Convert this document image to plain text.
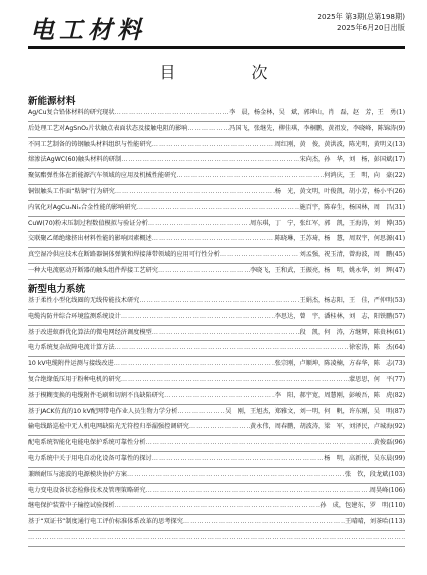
电工材料	2025年 第3期(总第198期)
2025年6月20日出版
目　次
新能源材料
Ag/Cu复合铅体材料的研究现状 ………………………………………………………………………………………………………………………………………………	李　晨，杨金林，吴　斌，郭坤山，肖　磊，赵　芳，王　勇(1)
后处理工艺对AgSnO₂片状触点表面状态及接触电阻的影响 ………………………………………………………………………………………………………………………………………………	冯国飞，张继先，柳佳琪，李桐鹏，黄祖发，李晓峰，陈锦涛(9)
不同工艺制备的铸钢触头材料组织与性能研究 ………………………………………………………………………………………………………………………………………………	周红刚，黄　俊，黄洪波，陈光明，黄明义(13)
熔渗法AgWC(60)触头材料的研制 ………………………………………………………………………………………………………………………………………………	宋向杰，孙　华，刘　杨，彭国斌(17)
聚氨酯弹性体在新能源汽车领域的应用及机械性能研究 ………………………………………………………………………………………………………………………………………………	何鸿庆，王　明，向　豪(22)
铜银触头工作面“粘铜”行为研究 ………………………………………………………………………………………………………………………………………………	杨　光，黄文明，叶俊凯，胡小芳，杨小平(26)
内氧化对AgCuₓNiₓ合金性能的影响研究 ………………………………………………………………………………………………………………………………………………	施百宇，陈春生，杨国林，周　昌(31)
CuW(70)粉末压制过程数值模拟与验证分析 ………………………………………………………………………………………………………………………………………………	周东琪，丁　宁，张红军，郭　凯，王海涛，刘　博(35)
交联聚乙烯绝缘挤出材料性能的影响因素概述 ………………………………………………………………………………………………………………………………………………	陈晓琳，王苏琦，杨　慧，周双宇，何思源(41)
真空湿冷供应技术在断路器铜体弹簧和焊接薄带领域的应用可行性分析 ………………………………………………………………………………………………………………………………………………	刘孟强，祝玉清，曾海波，周　鹏(45)
一种大电流驱动开断器的触头组件焊接工艺研究 ………………………………………………………………………………………………………………………………………………	李晓飞，王和武，王振亮，杨　明，姚永华，刘　辉(47)
新型电力系统
基于柔性小型化线圈的无线传能技术研究 ………………………………………………………………………………………………………………………………………………	王娟杰，杨志阳，王　佳，严仲明(53)
电缆沟防井综合环境监测系统设计 ………………………………………………………………………………………………………………………………………………	李思达，曾　宇，潘桂林，刘　志，阳铁鹏(57)
基于改进蚁群优化算法的微电网经济调度模型 ………………………………………………………………………………………………………………………………………………	段　凯，何　涛，方继辉，陈贵林(61)
电力系统复杂故障电流计算方法 ………………………………………………………………………………………………………………………………………………	徐宏涛，陈　杰(64)
10 kV电缆附件运测与接线改进 ………………………………………………………………………………………………………………………………………………	张宗刚，卢顺坤，陈凌楠，方春华，陈　志(73)
复合绝缘低压用于粉种电机的研究 ………………………………………………………………………………………………………………………………………………	蒙思思，何　平(77)
基于模糊变换的电缆附件毛刷和切割不良缺陷研究 ………………………………………………………………………………………………………………………………………………	李　阳，郝宇宽，周慧刚，彭峻吾，陈　虎(82)
基于JACK仿真的10 kV配网带电作业人员生物力学分析 ………………………………………………………………………………………………………………………………………………	吴　刚，王旭杰，郑雅文，刘一明，何　帆，许东刚，吴　明(87)
输电线路巡检中无人机电网缺陷光无符控归举漏强控调研究 ………………………………………………………………………………………………………………………………………………	黄永伟，周春鹏，胡波涛，梁　军，刘泽民，卢城海(92)
配电系统智能化电能电保护系统可靠性分析 ………………………………………………………………………………………………………………………………………………	黄俊磊(96)
电力系统中关于用电自动化设备可靠性的探讨 ………………………………………………………………………………………………………………………………………………	杨　明，高新悦，吴东晨(99)
兼顾耐压与滤波的电源模块协护方案 ………………………………………………………………………………………………………………………………………………	张　钦，段龙斌(103)
电力变电设备状态检修技术及管理策略研究 ………………………………………………………………………………………………………………………………………………	周昊峰(106)
继电保护装置中子输控试验探析 ………………………………………………………………………………………………………………………………………………	孙　成，包建东，罗　明(110)
基于“双证书”制度通行电工评价标准体系改革的思考探究 ………………………………………………………………………………………………………………………………………………	王晴晴，刘茶哈(113)
………………………………………………………………………………………………………………………………………………
